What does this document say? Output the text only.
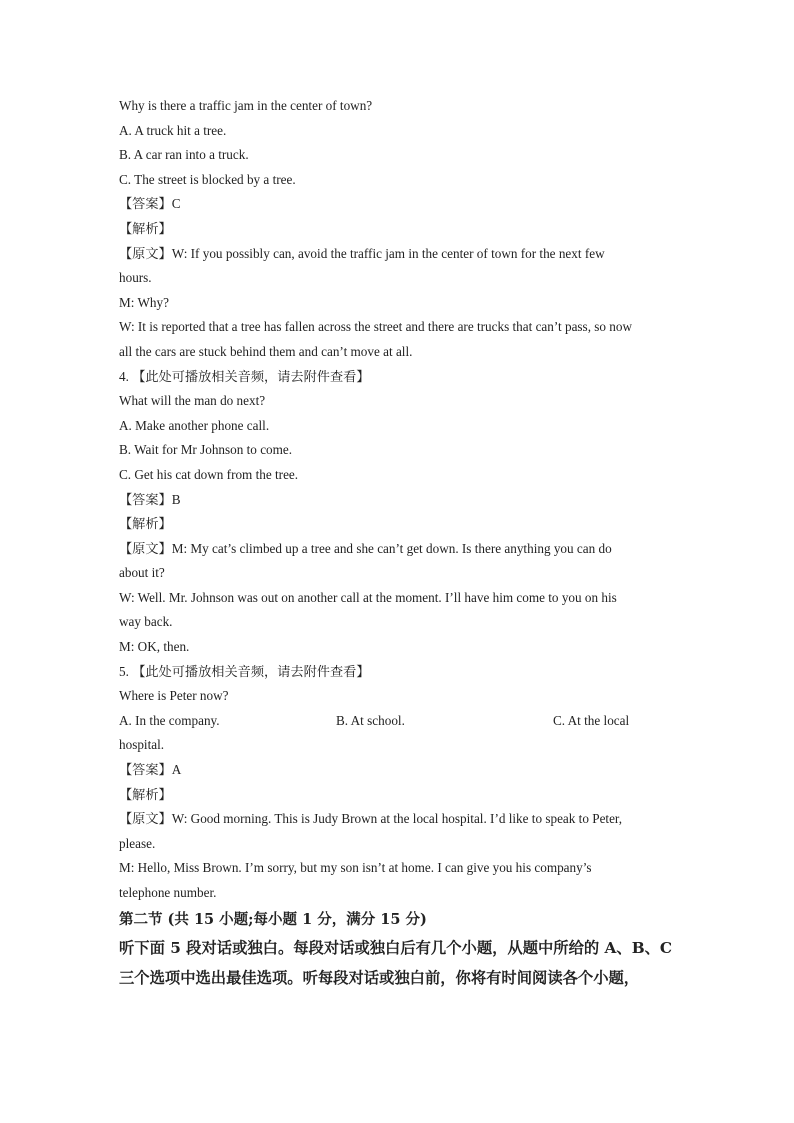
Why is there a traffic jam in the center of town?
A. A truck hit a tree.
B. A car ran into a truck.
C. The street is blocked by a tree.
【答案】C
【解析】
【原文】W: If you possibly can, avoid the traffic jam in the center of town for the next few
hours.
M: Why?
W: It is reported that a tree has fallen across the street and there are trucks that can’t pass, so now
all the cars are stuck behind them and can’t move at all.
4. 【此处可播放相关音频，请去附件查看】
What will the man do next?
A. Make another phone call.
B. Wait for Mr Johnson to come.
C. Get his cat down from the tree.
【答案】B
【解析】
【原文】M: My cat’s climbed up a tree and she can’t get down. Is there anything you can do
about it?
W: Well. Mr. Johnson was out on another call at the moment. I’ll have him come to you on his
way back.
M: OK, then.
5. 【此处可播放相关音频，请去附件查看】
Where is Peter now?
A. In the company.	B. At school.	C. At the local
hospital.
【答案】A
【解析】
【原文】W: Good morning. This is Judy Brown at the local hospital. I’d like to speak to Peter,
please.
M: Hello, Miss Brown. I’m sorry, but my son isn’t at home. I can give you his company’s
telephone number.
第二节 (共 15 小题;每小题 1 分，满分 15 分)
听下面 5 段对话或独白。每段对话或独白后有几个小题，从题中所给的 A、B、C
三个选项中选出最佳选项。听每段对话或独白前，你将有时间阅读各个小题，
